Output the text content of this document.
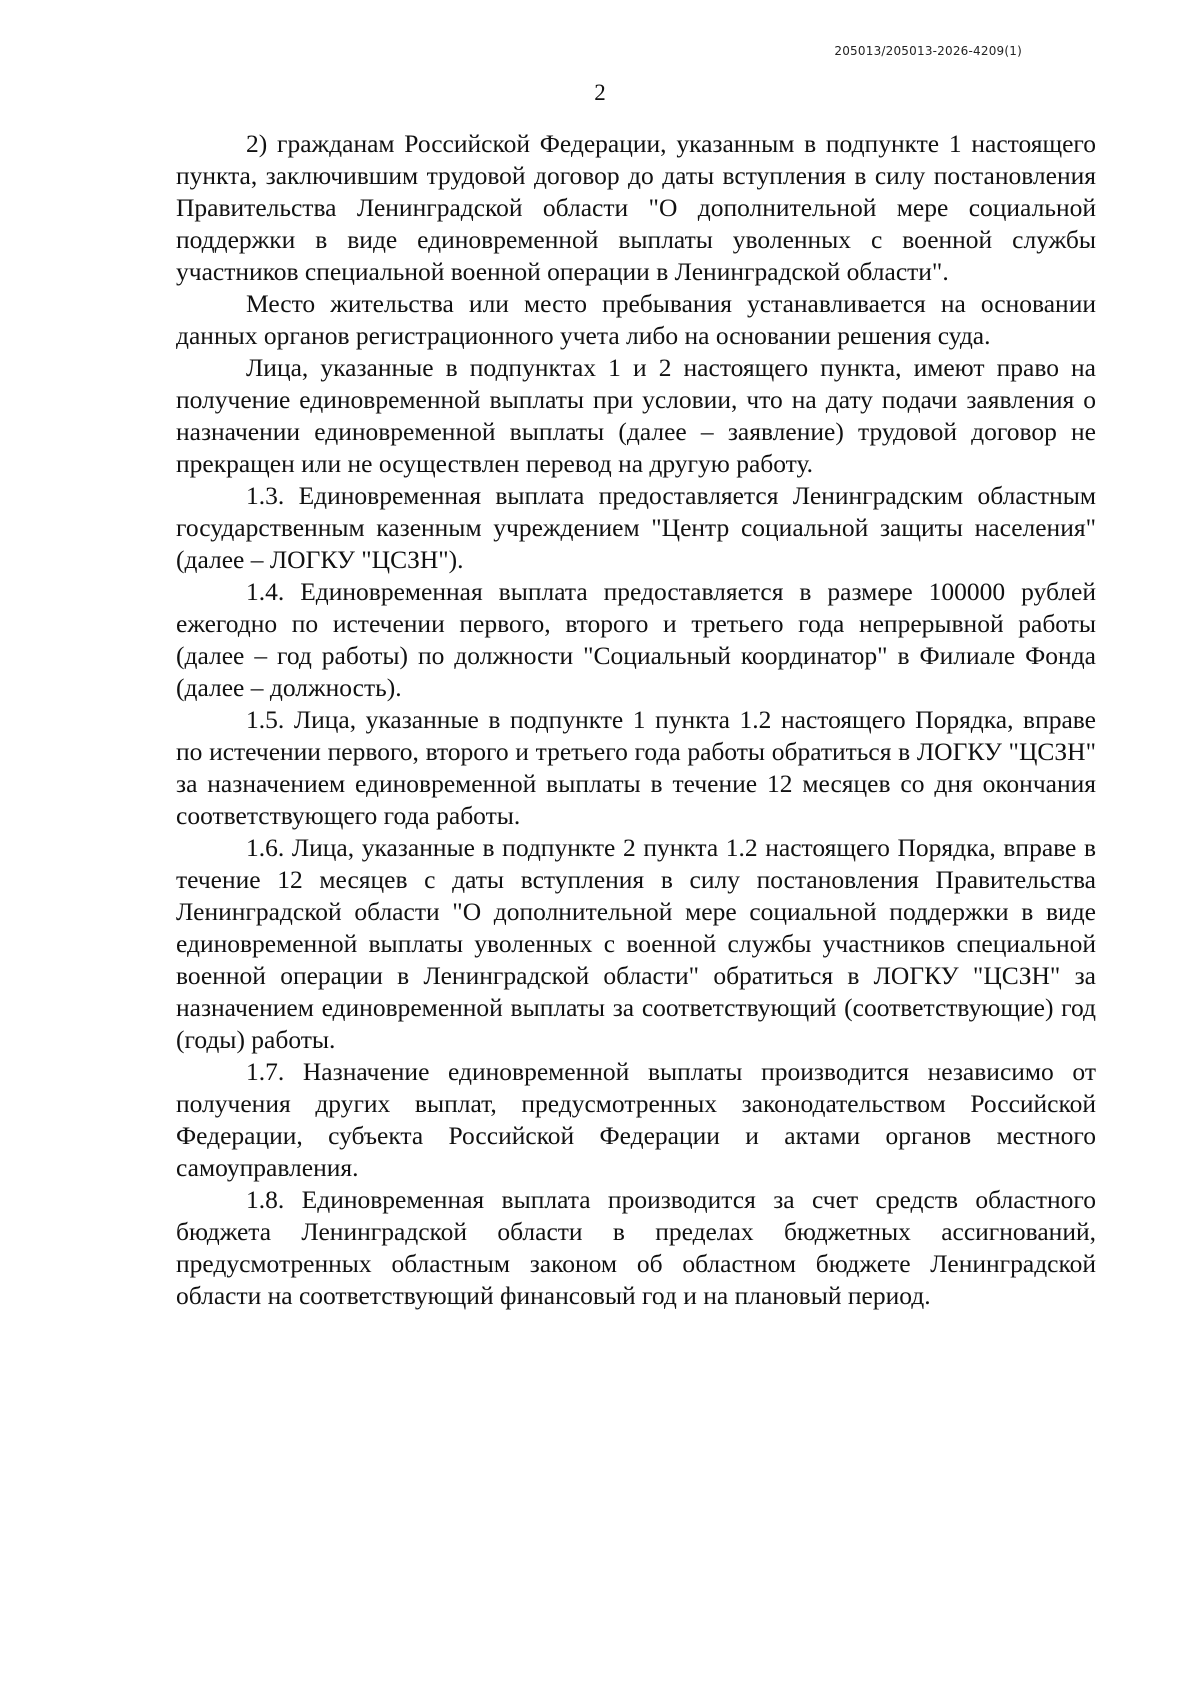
205013/205013-2026-4209(1)
2

2) гражданам Российской Федерации, указанным в подпункте 1 настоящего пункта, заключившим трудовой договор до даты вступления в силу постановления Правительства Ленинградской области "О дополнительной мере социальной поддержки в виде единовременной выплаты уволенных с военной службы участников специальной военной операции в Ленинградской области".

Место жительства или место пребывания устанавливается на основании данных органов регистрационного учета либо на основании решения суда.

Лица, указанные в подпунктах 1 и 2 настоящего пункта, имеют право на получение единовременной выплаты при условии, что на дату подачи заявления о назначении единовременной выплаты (далее – заявление) трудовой договор не прекращен или не осуществлен перевод на другую работу.

1.3. Единовременная выплата предоставляется Ленинградским областным государственным казенным учреждением "Центр социальной защиты населения" (далее – ЛОГКУ "ЦСЗН").

1.4. Единовременная выплата предоставляется в размере 100000 рублей ежегодно по истечении первого, второго и третьего года непрерывной работы (далее – год работы) по должности "Социальный координатор" в Филиале Фонда (далее – должность).

1.5. Лица, указанные в подпункте 1 пункта 1.2 настоящего Порядка, вправе по истечении первого, второго и третьего года работы обратиться в ЛОГКУ "ЦСЗН" за назначением единовременной выплаты в течение 12 месяцев со дня окончания соответствующего года работы.

1.6. Лица, указанные в подпункте 2 пункта 1.2 настоящего Порядка, вправе в течение 12 месяцев с даты вступления в силу постановления Правительства Ленинградской области "О дополнительной мере социальной поддержки в виде единовременной выплаты уволенных с военной службы участников специальной военной операции в Ленинградской области" обратиться в ЛОГКУ "ЦСЗН" за назначением единовременной выплаты за соответствующий (соответствующие) год (годы) работы.

1.7. Назначение единовременной выплаты производится независимо от получения других выплат, предусмотренных законодательством Российской Федерации, субъекта Российской Федерации и актами органов местного самоуправления.

1.8. Единовременная выплата производится за счет средств областного бюджета Ленинградской области в пределах бюджетных ассигнований, предусмотренных областным законом об областном бюджете Ленинградской области на соответствующий финансовый год и на плановый период.
